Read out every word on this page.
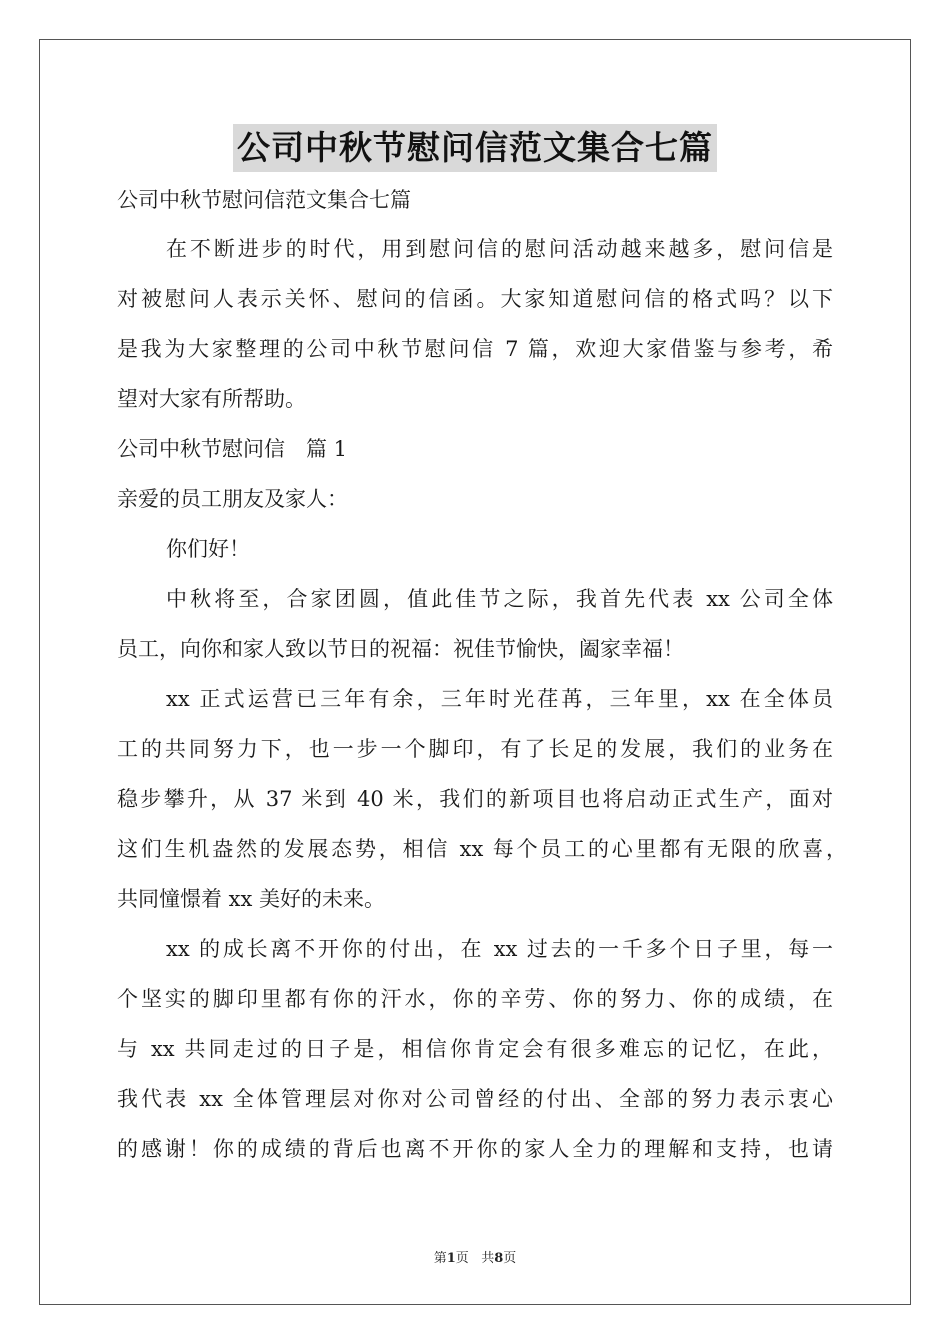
公司中秋节慰问信范文集合七篇
公司中秋节慰问信范文集合七篇
在不断进步的时代，用到慰问信的慰问活动越来越多，慰问信是
对被慰问人表示关怀、慰问的信函。大家知道慰问信的格式吗？以下
是我为大家整理的公司中秋节慰问信 7 篇，欢迎大家借鉴与参考，希
望对大家有所帮助。
公司中秋节慰问信　篇 1
亲爱的员工朋友及家人：
你们好！
中秋将至，合家团圆，值此佳节之际，我首先代表 xx 公司全体
员工，向你和家人致以节日的祝福：祝佳节愉快，阖家幸福！
xx 正式运营已三年有余，三年时光荏苒，三年里，xx 在全体员
工的共同努力下，也一步一个脚印，有了长足的发展，我们的业务在
稳步攀升，从 37 米到 40 米，我们的新项目也将启动正式生产，面对
这们生机盎然的发展态势，相信 xx 每个员工的心里都有无限的欣喜，
共同憧憬着 xx 美好的未来。
xx 的成长离不开你的付出，在 xx 过去的一千多个日子里，每一
个坚实的脚印里都有你的汗水，你的辛劳、你的努力、你的成绩，在
与 xx 共同走过的日子是，相信你肯定会有很多难忘的记忆，在此，
我代表 xx 全体管理层对你对公司曾经的付出、全部的努力表示衷心
的感谢！你的成绩的背后也离不开你的家人全力的理解和支持，也请
第1页 共8页
